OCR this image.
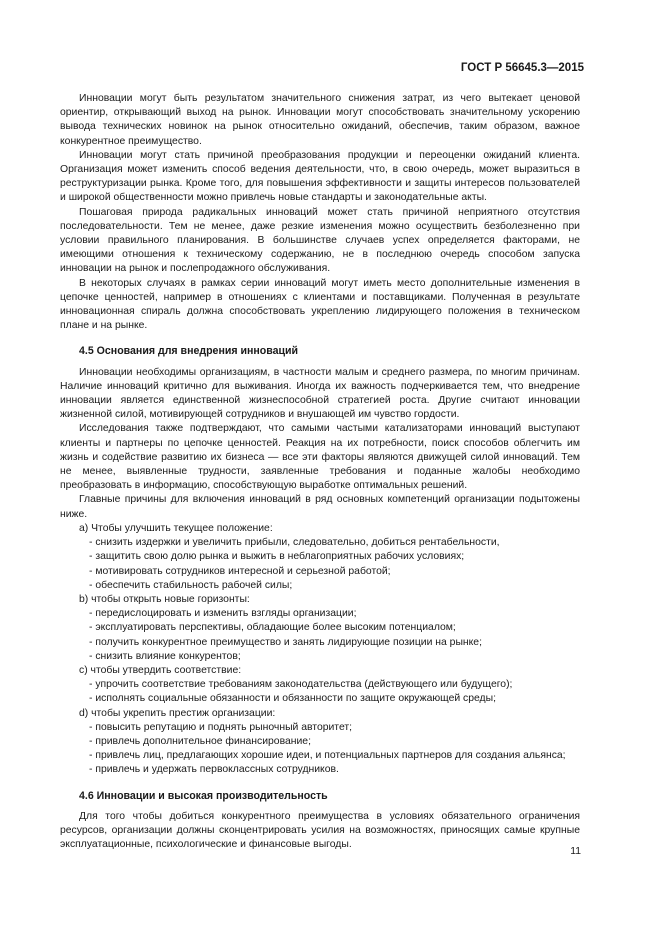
ГОСТ Р 56645.3—2015

Инновации могут быть результатом значительного снижения затрат, из чего вытекает ценовой ориентир, открывающий выход на рынок. Инновации могут способствовать значительному ускорению вывода технических новинок на рынок относительно ожиданий, обеспечив, таким образом, важное конкурентное преимущество.

Инновации могут стать причиной преобразования продукции и переоценки ожиданий клиента. Организация может изменить способ ведения деятельности, что, в свою очередь, может выразиться в реструктуризации рынка. Кроме того, для повышения эффективности и защиты интересов пользователей и широкой общественности можно привлечь новые стандарты и законодательные акты.

Пошаговая природа радикальных инноваций может стать причиной неприятного отсутствия последовательности. Тем не менее, даже резкие изменения можно осуществить безболезненно при условии правильного планирования. В большинстве случаев успех определяется факторами, не имеющими отношения к техническому содержанию, не в последнюю очередь способом запуска инновации на рынок и послепродажного обслуживания.

В некоторых случаях в рамках серии инноваций могут иметь место дополнительные изменения в цепочке ценностей, например в отношениях с клиентами и поставщиками. Полученная в результате инновационная спираль должна способствовать укреплению лидирующего положения в техническом плане и на рынке.

4.5 Основания для внедрения инноваций

Инновации необходимы организациям, в частности малым и среднего размера, по многим причинам. Наличие инноваций критично для выживания. Иногда их важность подчеркивается тем, что внедрение инновации является единственной жизнеспособной стратегией роста. Другие считают инновации жизненной силой, мотивирующей сотрудников и внушающей им чувство гордости.

Исследования также подтверждают, что самыми частыми катализаторами инноваций выступают клиенты и партнеры по цепочке ценностей. Реакция на их потребности, поиск способов облегчить им жизнь и содействие развитию их бизнеса — все эти факторы являются движущей силой инноваций. Тем не менее, выявленные трудности, заявленные требования и поданные жалобы необходимо преобразовать в информацию, способствующую выработке оптимальных решений.

Главные причины для включения инноваций в ряд основных компетенций организации подытожены ниже.

а) Чтобы улучшить текущее положение:
- снизить издержки и увеличить прибыли, следовательно, добиться рентабельности,
- защитить свою долю рынка и выжить в неблагоприятных рабочих условиях;
- мотивировать сотрудников интересной и серьезной работой;
- обеспечить стабильность рабочей силы;
b) чтобы открыть новые горизонты:
- передислоцировать и изменить взгляды организации;
- эксплуатировать перспективы, обладающие более высоким потенциалом;
- получить конкурентное преимущество и занять лидирующие позиции на рынке;
- снизить влияние конкурентов;
с) чтобы утвердить соответствие:
- упрочить соответствие требованиям законодательства (действующего или будущего);
- исполнять социальные обязанности и обязанности по защите окружающей среды;
d) чтобы укрепить престиж организации:
- повысить репутацию и поднять рыночный авторитет;
- привлечь дополнительное финансирование;
- привлечь лиц, предлагающих хорошие идеи, и потенциальных партнеров для создания альянса;
- привлечь и удержать первоклассных сотрудников.
4.6 Инновации и высокая производительность

Для того чтобы добиться конкурентного преимущества в условиях обязательного ограничения ресурсов, организации должны сконцентрировать усилия на возможностях, приносящих самые крупные эксплуатационные, психологические и финансовые выгоды.

11
